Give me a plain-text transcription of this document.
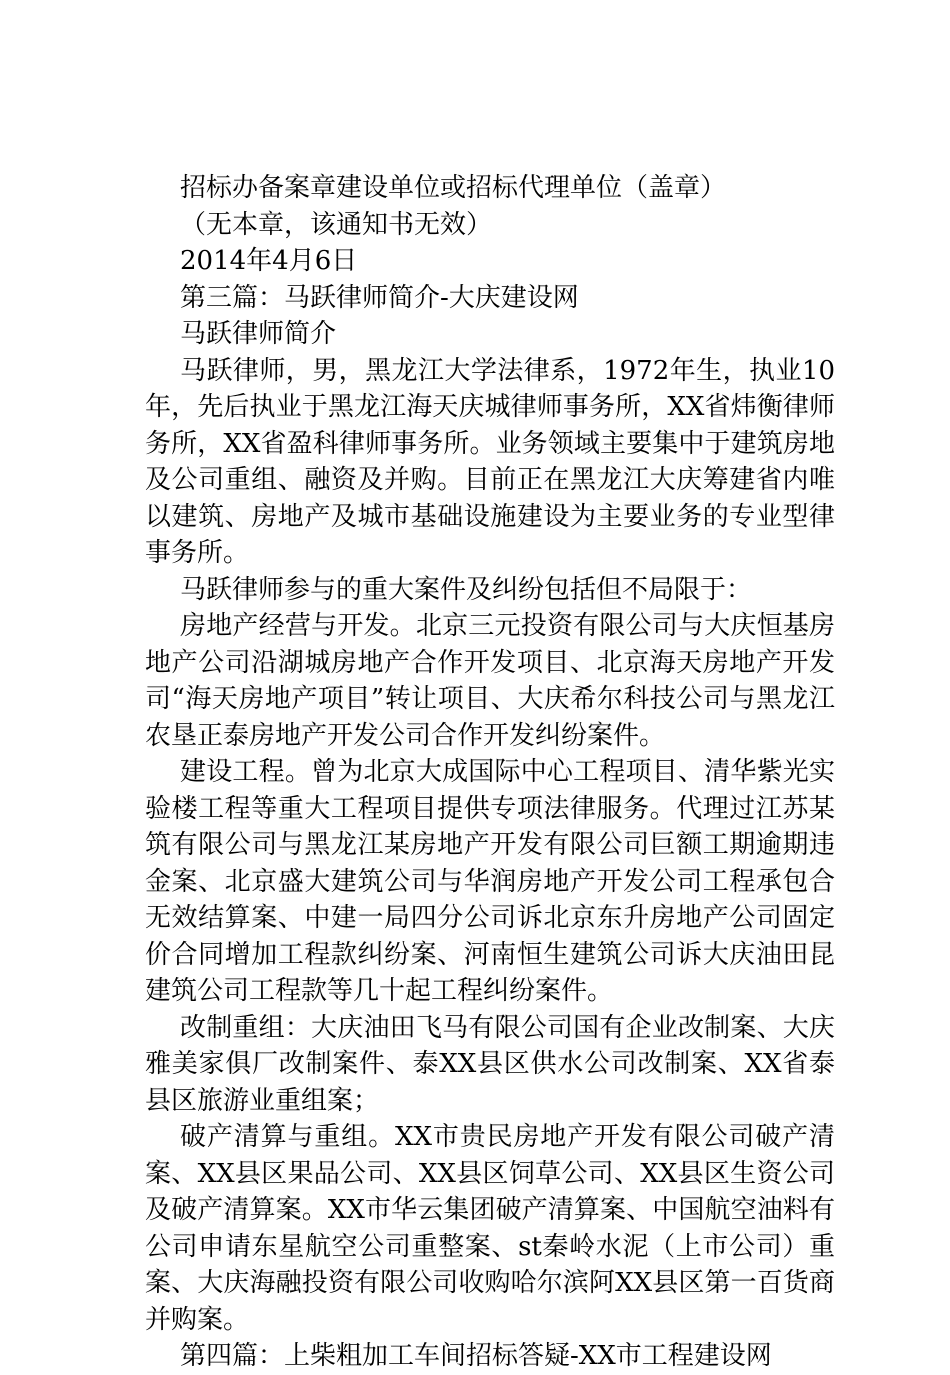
招标办备案章建设单位或招标代理单位（盖章）
（无本章，该通知书无效）
2014年4月6日
第三篇：马跃律师简介-大庆建设网
马跃律师简介
马跃律师，男，黑龙江大学法律系，1972年生，执业10
年，先后执业于黑龙江海天庆城律师事务所，XX省炜衡律师
务所，XX省盈科律师事务所。业务领域主要集中于建筑房地
及公司重组、融资及并购。目前正在黑龙江大庆筹建省内唯
以建筑、房地产及城市基础设施建设为主要业务的专业型律
事务所。
马跃律师参与的重大案件及纠纷包括但不局限于：
房地产经营与开发。北京三元投资有限公司与大庆恒基房
地产公司沿湖城房地产合作开发项目、北京海天房地产开发
司“海天房地产项目”转让项目、大庆希尔科技公司与黑龙江
农垦正泰房地产开发公司合作开发纠纷案件。
建设工程。曾为北京大成国际中心工程项目、清华紫光实
验楼工程等重大工程项目提供专项法律服务。代理过江苏某
筑有限公司与黑龙江某房地产开发有限公司巨额工期逾期违
金案、北京盛大建筑公司与华润房地产开发公司工程承包合
无效结算案、中建一局四分公司诉北京东升房地产公司固定
价合同增加工程款纠纷案、河南恒生建筑公司诉大庆油田昆
建筑公司工程款等几十起工程纠纷案件。
改制重组：大庆油田飞马有限公司国有企业改制案、大庆
雅美家俱厂改制案件、泰XX县区供水公司改制案、XX省泰
县区旅游业重组案；
破产清算与重组。XX市贵民房地产开发有限公司破产清
案、XX县区果品公司、XX县区饲草公司、XX县区生资公司
及破产清算案。XX市华云集团破产清算案、中国航空油料有
公司申请东星航空公司重整案、st秦岭水泥（上市公司）重
案、大庆海融投资有限公司收购哈尔滨阿XX县区第一百货商
并购案。
第四篇：上柴粗加工车间招标答疑-XX市工程建设网
